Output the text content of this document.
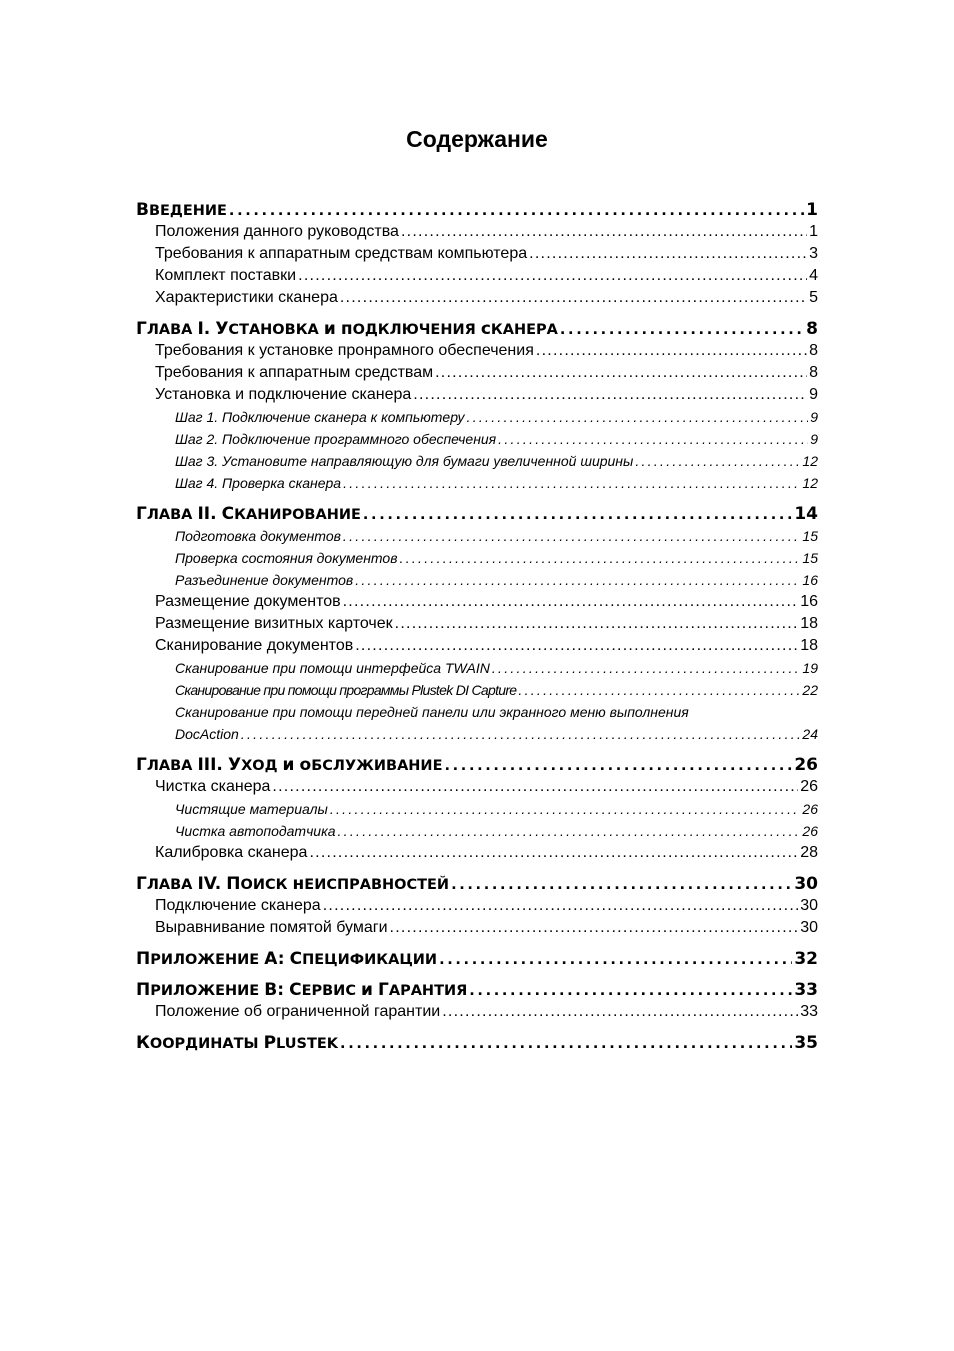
Содержание
ВВЕДЕНИЕ . . .	1
Положения данного руководства . . .	1
Требования к аппаратным средствам компьютера . . .	3
Комплект поставки . . .	4
Характеристики сканера . . .	5
ГЛАВА I. УСТАНОВКА и пОДКЛЮЧЕНИЯ сКАНЕРА . . .	8
Требования к установке пронрамного обеспечения . . .	8
Требования к аппаратным средствам . . .	8
Установка и подключение сканера . . .	9
Шаг 1. Подключение сканера к компьютеру . . .	9
Шаг 2. Подключение программного обеспечения . . .	9
Шаг 3. Установите направляющую для бумаги увеличенной ширины . . .	12
Шаг 4. Проверка сканера . . .	12
ГЛАВА II. СКАНИРОВАНИЕ . . .	14
Подготовка документов . . .	15
Проверка состояния документов . . .	15
Разъединение документов . . .	16
Размещение документов . . .	16
Размещение визитных карточек . . .	18
Сканирование документов . . .	18
Сканирование при помощи интерфейса TWAIN . . .	19
Сканирование при помощи программы Plustek DI Capture . . .	22
Сканирование при помощи передней панели или экранного меню выполнения
DocAction . . .	24
ГЛАВА III. УХОД и оБСЛУЖИВАНИЕ . . .	26
Чистка сканера . . .	26
Чистящие материалы . . .	26
Чистка автоподатчика . . .	26
Калибровка сканера . . .	28
ГЛАВА IV. ПОИСК нЕИСПРАВНОСТЕЙ . . .	30
Подключение сканера . . .	30
Выравнивание помятой бумаги . . .	30
ПРИЛОЖЕНИЕ A: СПЕЦИФИКАЦИИ . . .	32
ПРИЛОЖЕНИЕ B: СЕРВИС и ГАРАНТИЯ . . .	33
Положение об ограниченной гарантии . . .	33
КООРДИНАТЫ PLUSTEK . . .	35
